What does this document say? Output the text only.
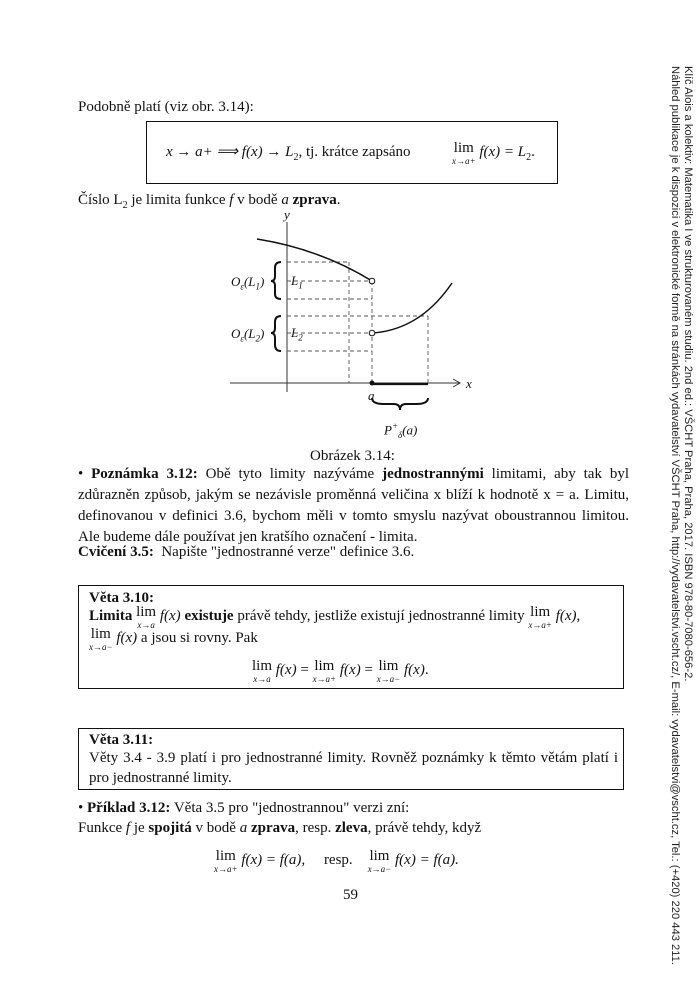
Klíč Alois a kolektiv: Matematika I ve strukturovaném studiu. 2nd ed.: VŠCHT Praha, Praha, 2017. ISBN 978-80-7080-656-2.
Náhled publikace je k dispozici v elektronické formě na stránkách vydavatelství VŠCHT Praha, http://vydavatelstvi.vscht.cz/, E-mail: vydavatelstvi@vscht.cz, Tel.: (+420) 220 443 211.
Podobně platí (viz obr. 3.14):
x → a+ ⟹ $f(x) \to L_2$, tj. krátce zapsáno	lim
x→a+
$f(x) = L_2$.
Číslo $L_2$ je limita funkce f v bodě a zprava.
y
x
a
$L_1$
$L_2$
$O_\varepsilon(L_1)$
$O_\varepsilon(L_2)$
$P^+_\delta(a)$
Obrázek 3.14:
• Poznámka 3.12: Obě tyto limity nazýváme jednostrannými limitami, aby tak byl zdůrazněn způsob, jakým se nezávisle proměnná veličina x blíží k hodnotě x = a. Limitu, definovanou v definici 3.6, bychom měli v tomto smyslu nazývat oboustrannou limitou. Ale budeme dále používat jen kratšího označení - limita.
Cvičení 3.5: Napište "jednostranné verze" definice 3.6.
Věta 3.10:
Limita lim
x→a
f(x) existuje právě tehdy, jestliže existují jednostranné limity lim
x→a+
f(x),
lim
x→a−
f(x) a jsou si rovny. Pak
lim
x→a
f(x) = lim
x→a+
f(x) = lim
x→a−
f(x).
Věta 3.11:
Věty 3.4 - 3.9 platí i pro jednostranné limity. Rovněž poznámky k těmto větám platí i pro jednostranné limity.
• Příklad 3.12: Věta 3.5 pro "jednostrannou" verzi zní:
Funkce f je spojitá v bodě a zprava, resp. zleva, právě tehdy, když
lim
x→a+
f(x) = f(a), resp. lim
x→a−
f(x) = f(a).
59
